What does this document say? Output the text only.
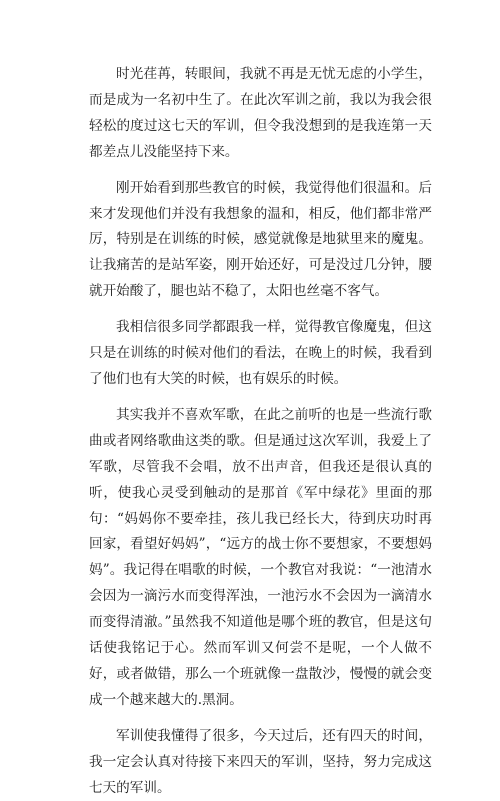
时光荏苒，转眼间，我就不再是无忧无虑的小学生，而是成为一名初中生了。在此次军训之前，我以为我会很轻松的度过这七天的军训，但令我没想到的是我连第一天都差点儿没能坚持下来。

刚开始看到那些教官的时候，我觉得他们很温和。后来才发现他们并没有我想象的温和，相反，他们都非常严厉，特别是在训练的时候，感觉就像是地狱里来的魔鬼。让我痛苦的是站军姿，刚开始还好，可是没过几分钟，腰就开始酸了，腿也站不稳了，太阳也丝毫不客气。

我相信很多同学都跟我一样，觉得教官像魔鬼，但这只是在训练的时候对他们的看法，在晚上的时候，我看到了他们也有大笑的时候，也有娱乐的时候。

其实我并不喜欢军歌，在此之前听的也是一些流行歌曲或者网络歌曲这类的歌。但是通过这次军训，我爱上了军歌，尽管我不会唱，放不出声音，但我还是很认真的听，使我心灵受到触动的是那首《军中绿花》里面的那句：“妈妈你不要牵挂，孩儿我已经长大，待到庆功时再回家，看望好妈妈”，“远方的战士你不要想家，不要想妈妈”。我记得在唱歌的时候，一个教官对我说：“一池清水会因为一滴污水而变得浑浊，一池污水不会因为一滴清水而变得清澈。”虽然我不知道他是哪个班的教官，但是这句话使我铭记于心。然而军训又何尝不是呢，一个人做不好，或者做错，那么一个班就像一盘散沙，慢慢的就会变成一个越来越大的.黑洞。

军训使我懂得了很多，今天过后，还有四天的时间，我一定会认真对待接下来四天的军训，坚持，努力完成这七天的军训。
